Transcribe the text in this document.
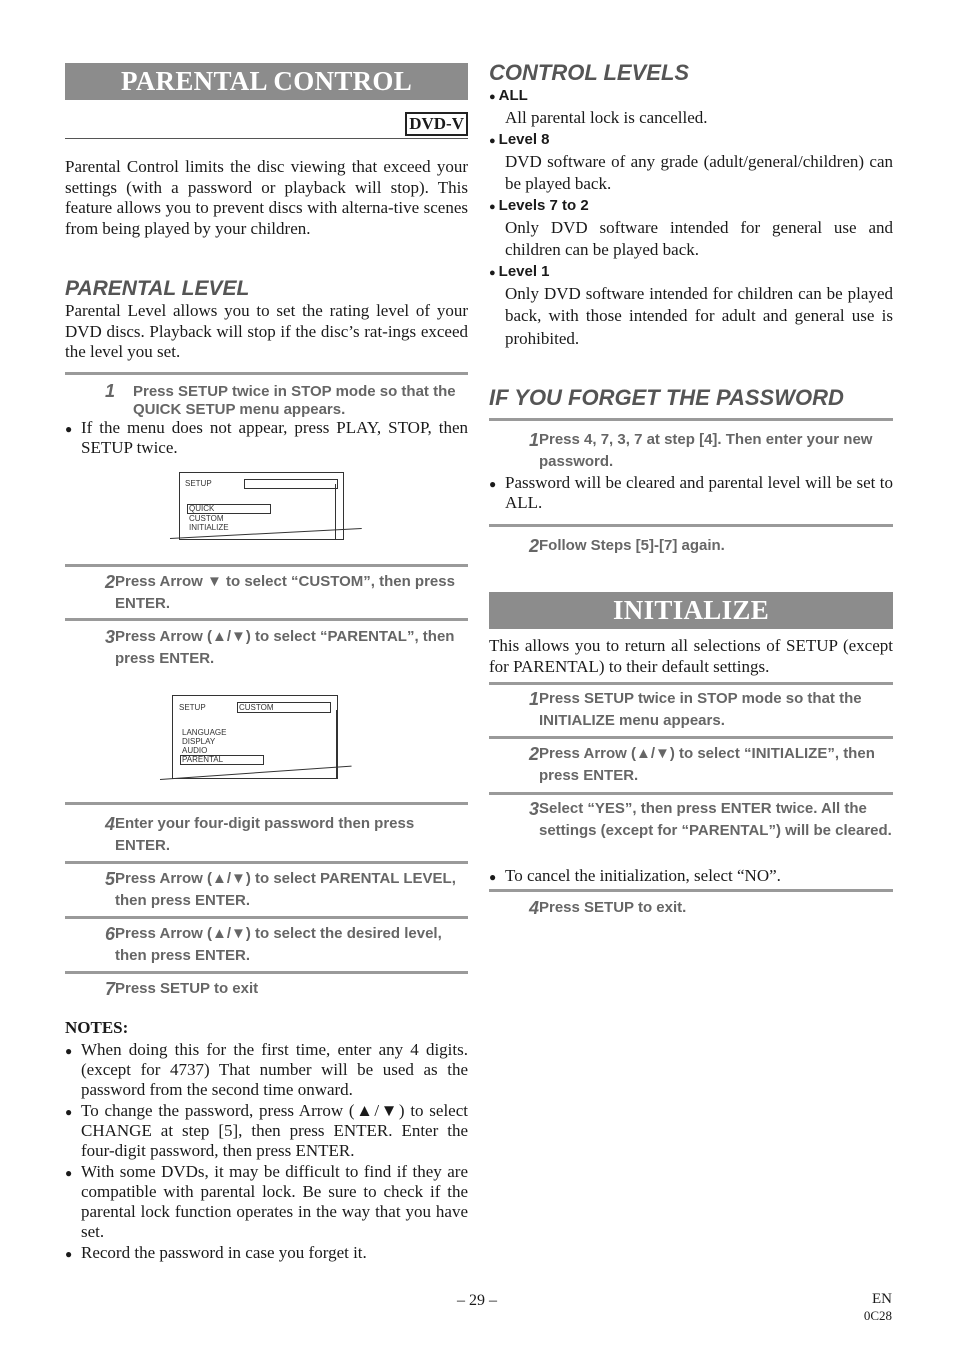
PARENTAL CONTROL
DVD-V
Parental Control limits the disc viewing that exceed your settings (with a password or playback will stop). This feature allows you to prevent discs with alterna-tive scenes from being played by your children.
PARENTAL LEVEL
Parental Level allows you to set the rating level of your DVD discs. Playback will stop if the disc’s rat-ings exceed the level you set.
1	Press SETUP twice in STOP mode so that the QUICK SETUP menu appears.
● If the menu does not appear, press PLAY, STOP, then SETUP twice.
SETUP
QUICK
CUSTOM
INITIALIZE
2 Press Arrow ▼ to select “CUSTOM”, then press ENTER.
3 Press Arrow (▲/▼) to select “PARENTAL”, then press ENTER.
SETUP	CUSTOM
LANGUAGE
DISPLAY
AUDIO
PARENTAL
4 Enter your four-digit password then press ENTER.
5 Press Arrow (▲/▼) to select PARENTAL LEVEL, then press ENTER.
6 Press Arrow (▲/▼) to select the desired level, then press ENTER.
7 Press SETUP to exit
NOTES:
● When doing this for the first time, enter any 4 digits. (except for 4737) That number will be used as the password from the second time onward.
● To change the password, press Arrow (▲/▼) to select CHANGE at step [5], then press ENTER. Enter the four-digit password, then press ENTER.
● With some DVDs, it may be difficult to find if they are compatible with parental lock. Be sure to check if the parental lock function operates in the way that you have set.
● Record the password in case you forget it.
CONTROL LEVELS
● ALL
All parental lock is cancelled.
● Level 8
DVD software of any grade (adult/general/children) can be played back.
● Levels 7 to 2
Only DVD software intended for general use and children can be played back.
● Level 1
Only DVD software intended for children can be played back, with those intended for adult and general use is prohibited.
IF YOU FORGET THE PASSWORD
1 Press 4, 7, 3, 7 at step [4]. Then enter your new password.
● Password will be cleared and parental level will be set to ALL.
2 Follow Steps [5]-[7] again.
INITIALIZE
This allows you to return all selections of SETUP (except for PARENTAL) to their default settings.
1 Press SETUP twice in STOP mode so that the INITIALIZE menu appears.
2 Press Arrow (▲/▼) to select “INITIALIZE”, then press ENTER.
3 Select “YES”, then press ENTER twice. All the settings (except for “PARENTAL”) will be cleared.
● To cancel the initialization, select “NO”.
4 Press SETUP to exit.
– 29 –	EN
0C28
